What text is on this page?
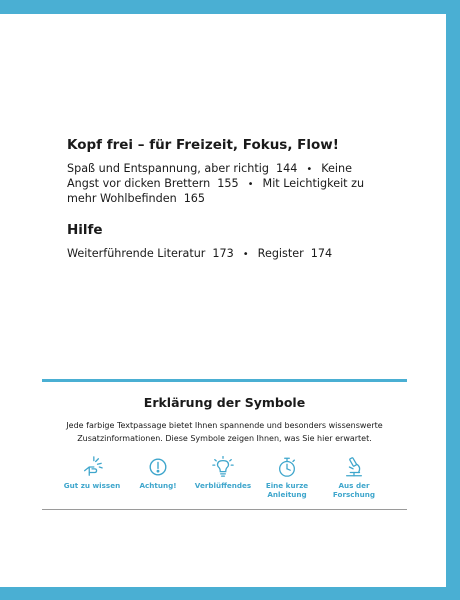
Kopf frei – für Freizeit, Fokus, Flow!
Spaß und Entspannung, aber richtig 144 • Keine Angst vor dicken Brettern 155 • Mit Leichtigkeit zu mehr Wohlbefinden 165
Hilfe
Weiterführende Literatur 173 • Register 174
Erklärung der Symbole
Jede farbige Textpassage bietet Ihnen spannende und besonders wissenswerte
Zusatzinformationen. Diese Symbole zeigen Ihnen, was Sie hier erwartet.
Gut zu wissen	Achtung!	Verblüffendes	Eine kurze
Anleitung
Aus der
Forschung
